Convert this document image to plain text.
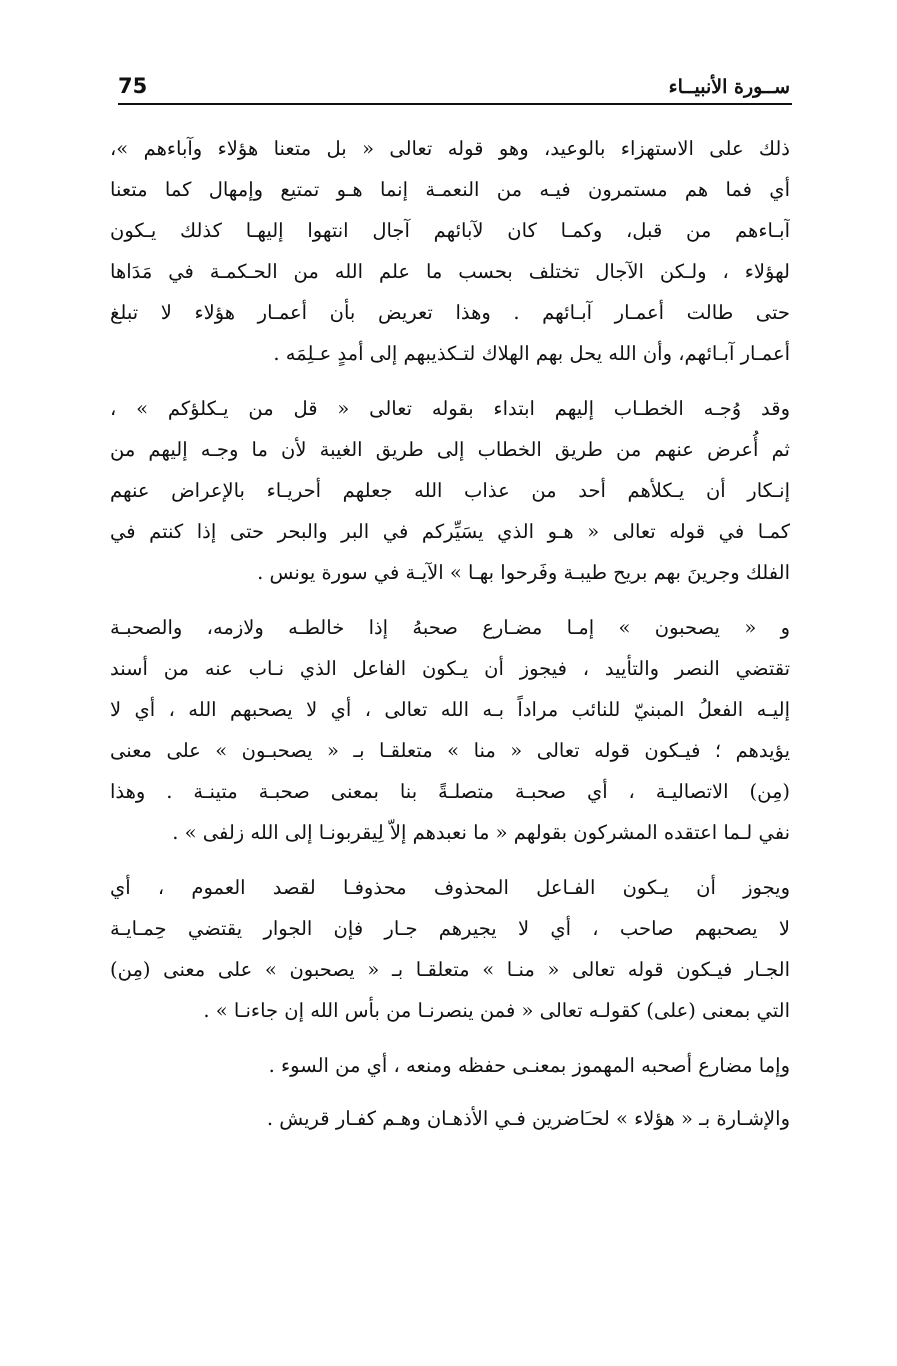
75	ســورة الأنبيــاء
ذلك على الاستهزاء بالوعيد، وهو قوله تعالى « بل متعنا هؤلاء وآباءهم »،
أي فما هم مستمرون فيـه من النعمـة إنما هـو تمتيع وإمهال كما متعنا
آبـاءهم من قبل، وكمـا كان لآبائهم آجال انتهوا إليهـا كذلك يـكون
لهؤلاء ، ولـكن الآجال تختلف بحسب ما علم الله من الحـكمـة في مَدَاها
حتى طالت أعمـار آبـائهم . وهذا تعريض بأن أعمـار هؤلاء لا تبلغ
أعمـار آبـائهم، وأن الله يحل بهم الهلاك لتـكذيبهم إلى أمدٍ عـلِمَه .
وقد وُجـه الخطـاب إليهم ابتداء بقوله تعالى « قل من يـكلؤكم » ،
ثم أُعرض عنهم من طريق الخطاب إلى طريق الغيبة لأن ما وجـه إليهم من
إنـكار أن يـكلأهم أحد من عذاب الله جعلهم أحريـاء بالإعراض عنهم
كمـا في قوله تعالى « هـو الذي يسَيِّركم في البر والبحر حتى إذا كنتم في
الفلك وجرينَ بهم بريح طيبـة وفَرحوا بهـا » الآيـة في سورة يونس .
و « يصحبون » إمـا مضـارع صحبهُ إذا خالطـه ولازمه، والصحبـة
تقتضي النصر والتأييد ، فيجوز أن يـكون الفاعل الذي نـاب عنه من أسند
إليـه الفعلُ المبنيّ للنائب مراداً بـه الله تعالى ، أي لا يصحبهم الله ، أي لا
يؤيدهم ؛ فيـكون قوله تعالى « منا » متعلقـا بـ « يصحبـون » على معنى
(مِن) الاتصاليـة ، أي صحبـة متصلـةً بنا بمعنى صحبـة متينـة . وهذا
نفي لـما اعتقده المشركون بقولهم « ما نعبدهم إلاّ لِيقربونـا إلى الله زلفى » .
ويجوز أن يـكون الفـاعل المحذوف محذوفـا لقصد العموم ، أي
لا يصحبهم صاحب ، أي لا يجيرهم جـار فإن الجوار يقتضي حِمـايـة
الجـار فيـكون قوله تعالى « منـا » متعلقـا بـ « يصحبون » على معنى (مِن)
التي بمعنى (على) كقولـه تعالى « فمن ينصرنـا من بأس الله إن جاءنـا » .
وإما مضارع أصحبه المهموز بمعنـى حفظه ومنعه ، أي من السوء .
والإشـارة بـ « هؤلاء » لحـَاضرين فـي الأذهـان وهـم كفـار قريش .
